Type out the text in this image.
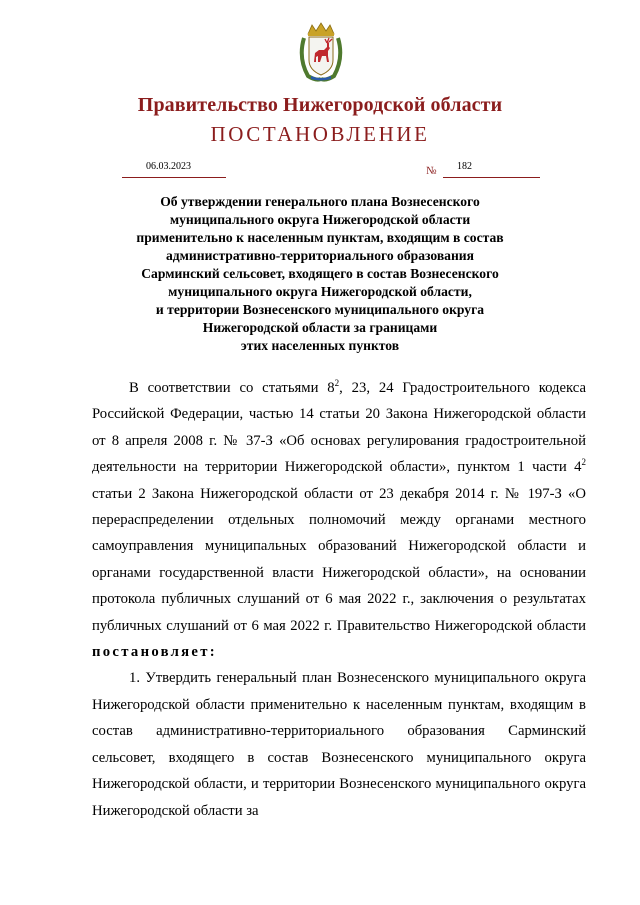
Правительство Нижегородской области
ПОСТАНОВЛЕНИЕ
06.03.2023	№ 182
Об утверждении генерального плана Вознесенского
муниципального округа Нижегородской области
применительно к населенным пунктам, входящим в состав
административно-территориального образования
Сарминский сельсовет, входящего в состав Вознесенского
муниципального округа Нижегородской области,
и территории Вознесенского муниципального округа
Нижегородской области за границами
этих населенных пунктов

В соответствии со статьями $8^2$, 23, 24 Градостроительного кодекса Российской Федерации, частью 14 статьи 20 Закона Нижегородской области от 8 апреля 2008 г. № 37-З «Об основах регулирования градостроительной деятельности на территории Нижегородской области», пунктом 1 части $4^2$ статьи 2 Закона Нижегородской области от 23 декабря 2014 г. № 197-З «О перераспределении отдельных полномочий между органами местного самоуправления муниципальных образований Нижегородской области и органами государственной власти Нижегородской области», на основании протокола публичных слушаний от 6 мая 2022 г., заключения о результатах публичных слушаний от 6 мая 2022 г. Правительство Нижегородской области постановляет:

1. Утвердить генеральный план Вознесенского муниципального округа Нижегородской области применительно к населенным пунктам, входящим в состав административно-территориального образования Сарминский сельсовет, входящего в состав Вознесенского муниципального округа Нижегородской области, и территории Вознесенского муниципального округа Нижегородской области за
